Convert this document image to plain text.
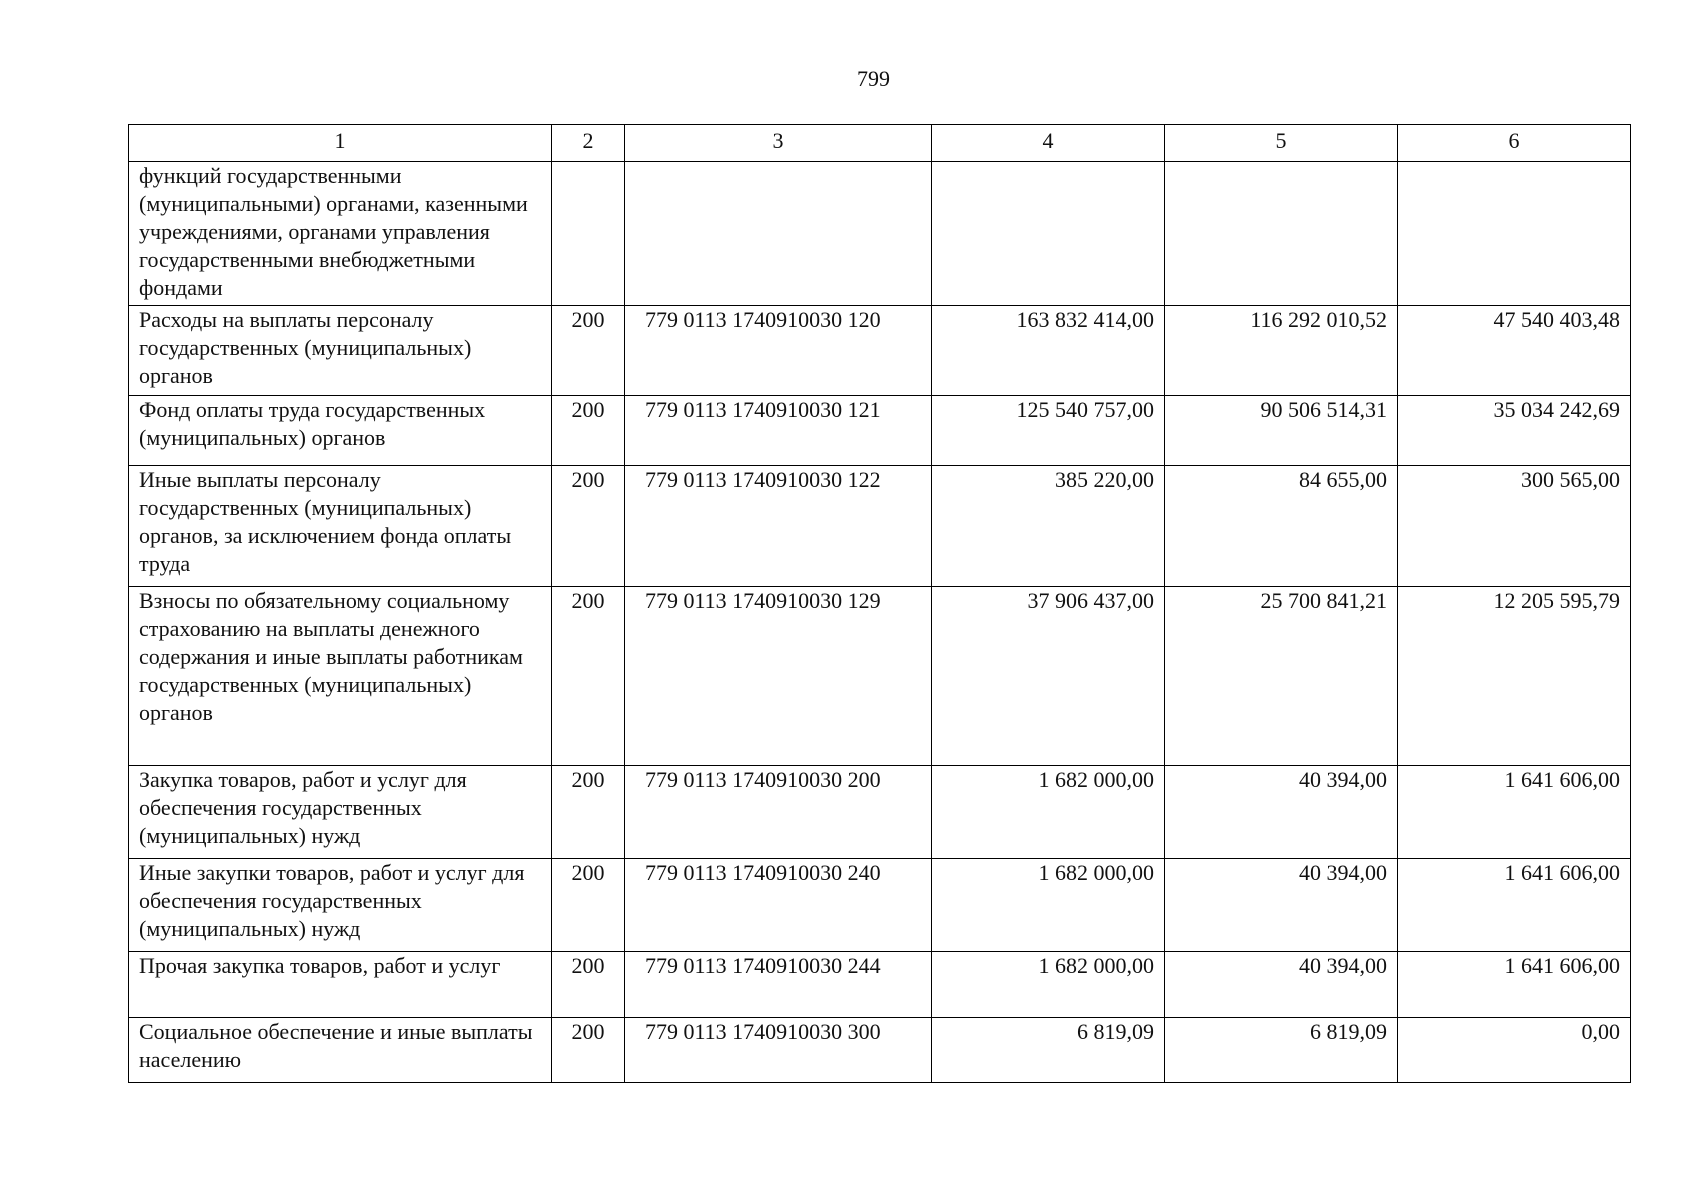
799
1	2	3	4	5	6
функций государственными (муниципальными) органами, казенными учреждениями, органами управления государственными внебюджетными фондами					
Расходы на выплаты персоналу государственных (муниципальных) органов	200	779 0113 1740910030 120	163 832 414,00	116 292 010,52	47 540 403,48
Фонд оплаты труда государственных (муниципальных) органов	200	779 0113 1740910030 121	125 540 757,00	90 506 514,31	35 034 242,69
Иные выплаты персоналу государственных (муниципальных) органов, за исключением фонда оплаты труда	200	779 0113 1740910030 122	385 220,00	84 655,00	300 565,00
Взносы по обязательному социальному страхованию на выплаты денежного содержания и иные выплаты работникам государственных (муниципальных) органов	200	779 0113 1740910030 129	37 906 437,00	25 700 841,21	12 205 595,79
Закупка товаров, работ и услуг для обеспечения государственных (муниципальных) нужд	200	779 0113 1740910030 200	1 682 000,00	40 394,00	1 641 606,00
Иные закупки товаров, работ и услуг для обеспечения государственных (муниципальных) нужд	200	779 0113 1740910030 240	1 682 000,00	40 394,00	1 641 606,00
Прочая закупка товаров, работ и услуг	200	779 0113 1740910030 244	1 682 000,00	40 394,00	1 641 606,00
Социальное обеспечение и иные выплаты населению	200	779 0113 1740910030 300	6 819,09	6 819,09	0,00
